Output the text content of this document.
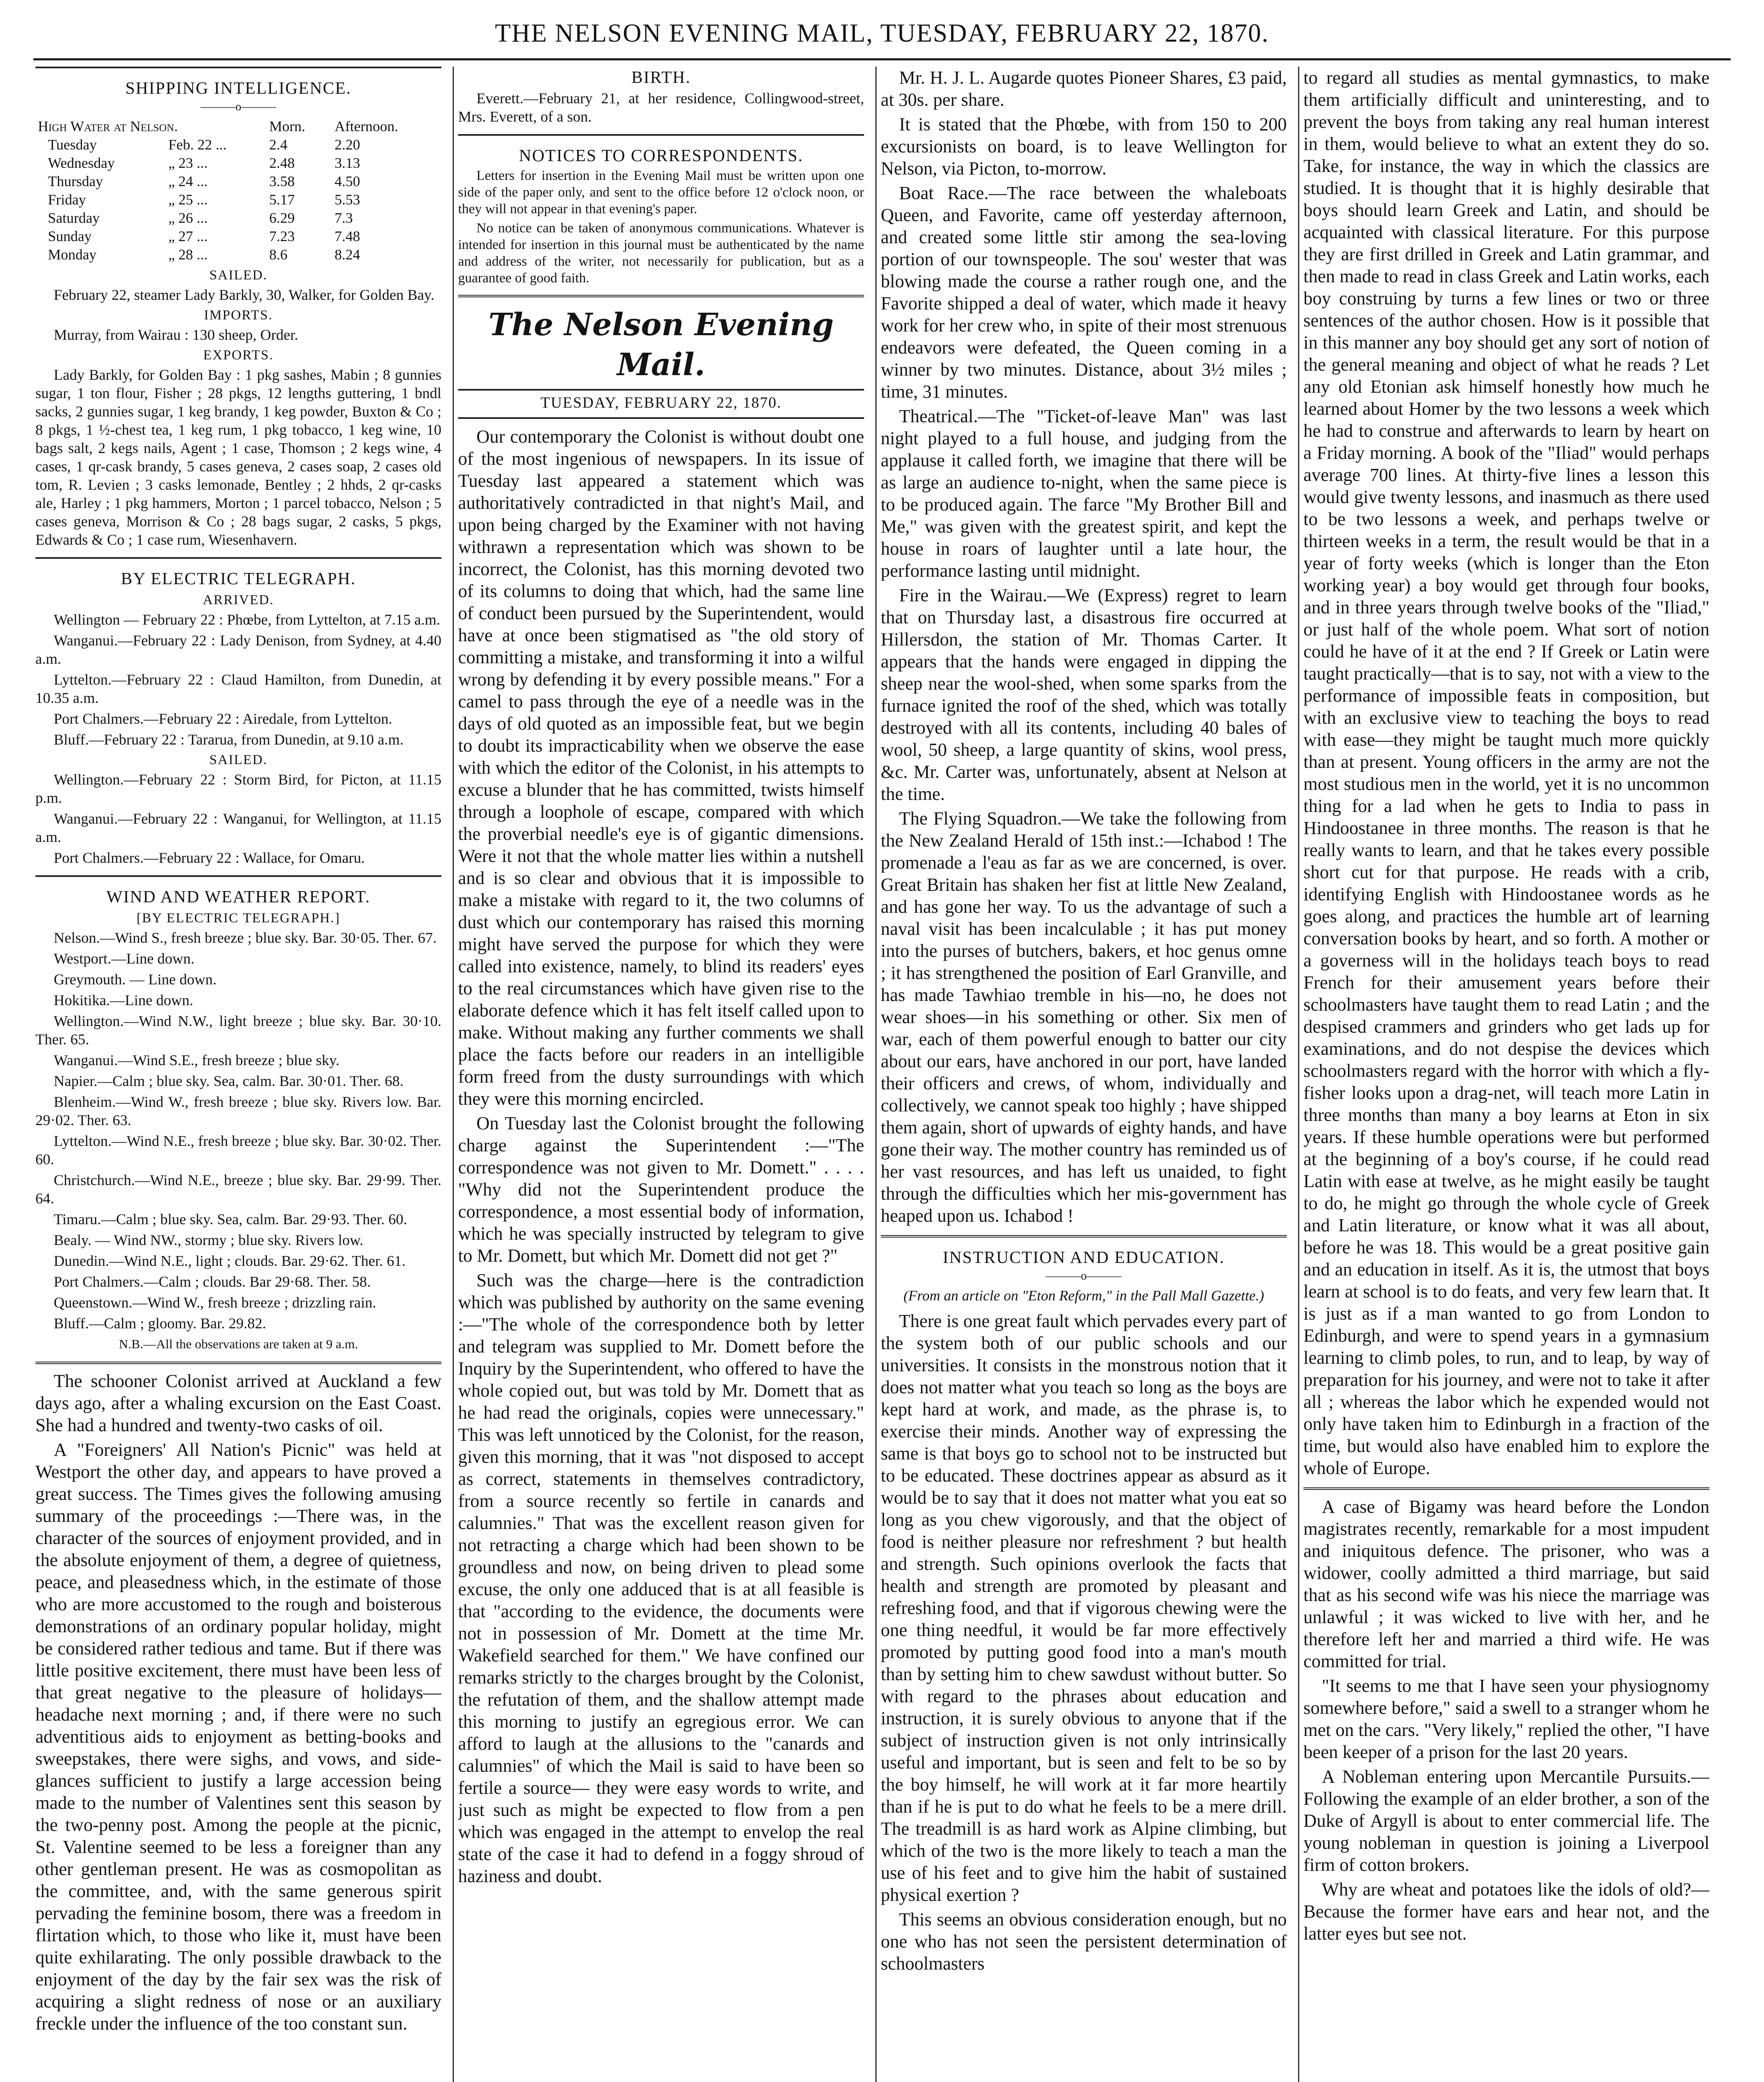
THE NELSON EVENING MAIL, TUESDAY, FEBRUARY 22, 1870.
SHIPPING INTELLIGENCE.
———o———
High Water at Nelson.		Morn.	Afternoon.
Tuesday	Feb. 22 ...	2.4	2.20
Wednesday	„ 23 ...	2.48	3.13
Thursday	„ 24 ...	3.58	4.50
Friday	„ 25 ...	5.17	5.53
Saturday	„ 26 ...	6.29	7.3
Sunday	„ 27 ...	7.23	7.48
Monday	„ 28 ...	8.6	8.24
SAILED.

February 22, steamer Lady Barkly, 30, Walker, for Golden Bay.

IMPORTS.

Murray, from Wairau : 130 sheep, Order.

EXPORTS.

Lady Barkly, for Golden Bay : 1 pkg sashes, Mabin ; 8 gunnies sugar, 1 ton flour, Fisher ; 28 pkgs, 12 lengths guttering, 1 bndl sacks, 2 gunnies sugar, 1 keg brandy, 1 keg powder, Buxton & Co ; 8 pkgs, 1 ½-chest tea, 1 keg rum, 1 pkg tobacco, 1 keg wine, 10 bags salt, 2 kegs nails, Agent ; 1 case, Thomson ; 2 kegs wine, 4 cases, 1 qr-cask brandy, 5 cases geneva, 2 cases soap, 2 cases old tom, R. Levien ; 3 casks lemonade, Bentley ; 2 hhds, 2 qr-casks ale, Harley ; 1 pkg hammers, Morton ; 1 parcel tobacco, Nelson ; 5 cases geneva, Morrison & Co ; 28 bags sugar, 2 casks, 5 pkgs, Edwards & Co ; 1 case rum, Wiesenhavern.

BY ELECTRIC TELEGRAPH.
ARRIVED.

Wellington — February 22 : Phœbe, from Lyttelton, at 7.15 a.m.

Wanganui.—February 22 : Lady Denison, from Sydney, at 4.40 a.m.

Lyttelton.—February 22 : Claud Hamilton, from Dunedin, at 10.35 a.m.

Port Chalmers.—February 22 : Airedale, from Lyttelton.

Bluff.—February 22 : Tararua, from Dunedin, at 9.10 a.m.

SAILED.

Wellington.—February 22 : Storm Bird, for Picton, at 11.15 p.m.

Wanganui.—February 22 : Wanganui, for Wellington, at 11.15 a.m.

Port Chalmers.—February 22 : Wallace, for Omaru.

WIND AND WEATHER REPORT.
[BY ELECTRIC TELEGRAPH.]

Nelson.—Wind S., fresh breeze ; blue sky. Bar. 30·05. Ther. 67.

Westport.—Line down.

Greymouth. — Line down.

Hokitika.—Line down.

Wellington.—Wind N.W., light breeze ; blue sky. Bar. 30·10. Ther. 65.

Wanganui.—Wind S.E., fresh breeze ; blue sky.

Napier.—Calm ; blue sky. Sea, calm. Bar. 30·01. Ther. 68.

Blenheim.—Wind W., fresh breeze ; blue sky. Rivers low. Bar. 29·02. Ther. 63.

Lyttelton.—Wind N.E., fresh breeze ; blue sky. Bar. 30·02. Ther. 60.

Christchurch.—Wind N.E., breeze ; blue sky. Bar. 29·99. Ther. 64.

Timaru.—Calm ; blue sky. Sea, calm. Bar. 29·93. Ther. 60.

Bealy. — Wind NW., stormy ; blue sky. Rivers low.

Dunedin.—Wind N.E., light ; clouds. Bar. 29·62. Ther. 61.

Port Chalmers.—Calm ; clouds. Bar 29·68. Ther. 58.

Queenstown.—Wind W., fresh breeze ; drizzling rain.

Bluff.—Calm ; gloomy. Bar. 29.82.

N.B.—All the observations are taken at 9 a.m.

The schooner Colonist arrived at Auckland a few days ago, after a whaling excursion on the East Coast. She had a hundred and twenty-two casks of oil.

A "Foreigners' All Nation's Picnic" was held at Westport the other day, and appears to have proved a great success. The Times gives the following amusing summary of the proceedings :—There was, in the character of the sources of enjoyment provided, and in the absolute enjoyment of them, a degree of quietness, peace, and pleasedness which, in the estimate of those who are more accustomed to the rough and boisterous demonstrations of an ordinary popular holiday, might be considered rather tedious and tame. But if there was little positive excitement, there must have been less of that great negative to the pleasure of holidays— headache next morning ; and, if there were no such adventitious aids to enjoyment as betting-books and sweepstakes, there were sighs, and vows, and side-glances sufficient to justify a large accession being made to the number of Valentines sent this season by the two-penny post. Among the people at the picnic, St. Valentine seemed to be less a foreigner than any other gentleman present. He was as cosmopolitan as the committee, and, with the same generous spirit pervading the feminine bosom, there was a freedom in flirtation which, to those who like it, must have been quite exhilarating. The only possible drawback to the enjoyment of the day by the fair sex was the risk of acquiring a slight redness of nose or an auxiliary freckle under the influence of the too constant sun.

BIRTH.

Everett.—February 21, at her residence, Collingwood-street, Mrs. Everett, of a son.

NOTICES TO CORRESPONDENTS.

Letters for insertion in the Evening Mail must be written upon one side of the paper only, and sent to the office before 12 o'clock noon, or they will not appear in that evening's paper.

No notice can be taken of anonymous communications. Whatever is intended for insertion in this journal must be authenticated by the name and address of the writer, not necessarily for publication, but as a guarantee of good faith.

The Nelson Evening Mail.
TUESDAY, FEBRUARY 22, 1870.

Our contemporary the Colonist is without doubt one of the most ingenious of newspapers. In its issue of Tuesday last appeared a statement which was authoritatively contradicted in that night's Mail, and upon being charged by the Examiner with not having withrawn a representation which was shown to be incorrect, the Colonist, has this morning devoted two of its columns to doing that which, had the same line of conduct been pursued by the Superintendent, would have at once been stigmatised as "the old story of committing a mistake, and transforming it into a wilful wrong by defending it by every possible means." For a camel to pass through the eye of a needle was in the days of old quoted as an impossible feat, but we begin to doubt its impracticability when we observe the ease with which the editor of the Colonist, in his attempts to excuse a blunder that he has committed, twists himself through a loophole of escape, compared with which the proverbial needle's eye is of gigantic dimensions. Were it not that the whole matter lies within a nutshell and is so clear and obvious that it is impossible to make a mistake with regard to it, the two columns of dust which our contemporary has raised this morning might have served the purpose for which they were called into existence, namely, to blind its readers' eyes to the real circumstances which have given rise to the elaborate defence which it has felt itself called upon to make. Without making any further comments we shall place the facts before our readers in an intelligible form freed from the dusty surroundings with which they were this morning encircled.

On Tuesday last the Colonist brought the following charge against the Superintendent :—"The correspondence was not given to Mr. Domett." . . . . "Why did not the Superintendent produce the correspondence, a most essential body of information, which he was specially instructed by telegram to give to Mr. Domett, but which Mr. Domett did not get ?"

Such was the charge—here is the contradiction which was published by authority on the same evening :—"The whole of the correspondence both by letter and telegram was supplied to Mr. Domett before the Inquiry by the Superintendent, who offered to have the whole copied out, but was told by Mr. Domett that as he had read the originals, copies were unnecessary." This was left unnoticed by the Colonist, for the reason, given this morning, that it was "not disposed to accept as correct, statements in themselves contradictory, from a source recently so fertile in canards and calumnies." That was the excellent reason given for not retracting a charge which had been shown to be groundless and now, on being driven to plead some excuse, the only one adduced that is at all feasible is that "according to the evidence, the documents were not in possession of Mr. Domett at the time Mr. Wakefield searched for them." We have confined our remarks strictly to the charges brought by the Colonist, the refutation of them, and the shallow attempt made this morning to justify an egregious error. We can afford to laugh at the allusions to the "canards and calumnies" of which the Mail is said to have been so fertile a source— they were easy words to write, and just such as might be expected to flow from a pen which was engaged in the attempt to envelop the real state of the case it had to defend in a foggy shroud of haziness and doubt.

Mr. H. J. L. Augarde quotes Pioneer Shares, £3 paid, at 30s. per share.

It is stated that the Phœbe, with from 150 to 200 excursionists on board, is to leave Wellington for Nelson, via Picton, to-morrow.

Boat Race.—The race between the whaleboats Queen, and Favorite, came off yesterday afternoon, and created some little stir among the sea-loving portion of our townspeople. The sou' wester that was blowing made the course a rather rough one, and the Favorite shipped a deal of water, which made it heavy work for her crew who, in spite of their most strenuous endeavors were defeated, the Queen coming in a winner by two minutes. Distance, about 3½ miles ; time, 31 minutes.

Theatrical.—The "Ticket-of-leave Man" was last night played to a full house, and judging from the applause it called forth, we imagine that there will be as large an audience to-night, when the same piece is to be produced again. The farce "My Brother Bill and Me," was given with the greatest spirit, and kept the house in roars of laughter until a late hour, the performance lasting until midnight.

Fire in the Wairau.—We (Express) regret to learn that on Thursday last, a disastrous fire occurred at Hillersdon, the station of Mr. Thomas Carter. It appears that the hands were engaged in dipping the sheep near the wool-shed, when some sparks from the furnace ignited the roof of the shed, which was totally destroyed with all its contents, including 40 bales of wool, 50 sheep, a large quantity of skins, wool press, &c. Mr. Carter was, unfortunately, absent at Nelson at the time.

The Flying Squadron.—We take the following from the New Zealand Herald of 15th inst.:—Ichabod ! The promenade a l'eau as far as we are concerned, is over. Great Britain has shaken her fist at little New Zealand, and has gone her way. To us the advantage of such a naval visit has been incalculable ; it has put money into the purses of butchers, bakers, et hoc genus omne ; it has strengthened the position of Earl Granville, and has made Tawhiao tremble in his—no, he does not wear shoes—in his something or other. Six men of war, each of them powerful enough to batter our city about our ears, have anchored in our port, have landed their officers and crews, of whom, individually and collectively, we cannot speak too highly ; have shipped them again, short of upwards of eighty hands, and have gone their way. The mother country has reminded us of her vast resources, and has left us unaided, to fight through the difficulties which her mis-government has heaped upon us. Ichabod !

INSTRUCTION AND EDUCATION.
———o———
(From an article on "Eton Reform," in the Pall Mall Gazette.)

There is one great fault which pervades every part of the system both of our public schools and our universities. It consists in the monstrous notion that it does not matter what you teach so long as the boys are kept hard at work, and made, as the phrase is, to exercise their minds. Another way of expressing the same is that boys go to school not to be instructed but to be educated. These doctrines appear as absurd as it would be to say that it does not matter what you eat so long as you chew vigorously, and that the object of food is neither pleasure nor refreshment ? but health and strength. Such opinions overlook the facts that health and strength are promoted by pleasant and refreshing food, and that if vigorous chewing were the one thing needful, it would be far more effectively promoted by putting good food into a man's mouth than by setting him to chew sawdust without butter. So with regard to the phrases about education and instruction, it is surely obvious to anyone that if the subject of instruction given is not only intrinsically useful and important, but is seen and felt to be so by the boy himself, he will work at it far more heartily than if he is put to do what he feels to be a mere drill. The treadmill is as hard work as Alpine climbing, but which of the two is the more likely to teach a man the use of his feet and to give him the habit of sustained physical exertion ?

This seems an obvious consideration enough, but no one who has not seen the persistent determination of schoolmasters

to regard all studies as mental gymnastics, to make them artificially difficult and uninteresting, and to prevent the boys from taking any real human interest in them, would believe to what an extent they do so. Take, for instance, the way in which the classics are studied. It is thought that it is highly desirable that boys should learn Greek and Latin, and should be acquainted with classical literature. For this purpose they are first drilled in Greek and Latin grammar, and then made to read in class Greek and Latin works, each boy construing by turns a few lines or two or three sentences of the author chosen. How is it possible that in this manner any boy should get any sort of notion of the general meaning and object of what he reads ? Let any old Etonian ask himself honestly how much he learned about Homer by the two lessons a week which he had to construe and afterwards to learn by heart on a Friday morning. A book of the "Iliad" would perhaps average 700 lines. At thirty-five lines a lesson this would give twenty lessons, and inasmuch as there used to be two lessons a week, and perhaps twelve or thirteen weeks in a term, the result would be that in a year of forty weeks (which is longer than the Eton working year) a boy would get through four books, and in three years through twelve books of the "Iliad," or just half of the whole poem. What sort of notion could he have of it at the end ? If Greek or Latin were taught practically—that is to say, not with a view to the performance of impossible feats in composition, but with an exclusive view to teaching the boys to read with ease—they might be taught much more quickly than at present. Young officers in the army are not the most studious men in the world, yet it is no uncommon thing for a lad when he gets to India to pass in Hindoostanee in three months. The reason is that he really wants to learn, and that he takes every possible short cut for that purpose. He reads with a crib, identifying English with Hindoostanee words as he goes along, and practices the humble art of learning conversation books by heart, and so forth. A mother or a governess will in the holidays teach boys to read French for their amusement years before their schoolmasters have taught them to read Latin ; and the despised crammers and grinders who get lads up for examinations, and do not despise the devices which schoolmasters regard with the horror with which a fly-fisher looks upon a drag-net, will teach more Latin in three months than many a boy learns at Eton in six years. If these humble operations were but performed at the beginning of a boy's course, if he could read Latin with ease at twelve, as he might easily be taught to do, he might go through the whole cycle of Greek and Latin literature, or know what it was all about, before he was 18. This would be a great positive gain and an education in itself. As it is, the utmost that boys learn at school is to do feats, and very few learn that. It is just as if a man wanted to go from London to Edinburgh, and were to spend years in a gymnasium learning to climb poles, to run, and to leap, by way of preparation for his journey, and were not to take it after all ; whereas the labor which he expended would not only have taken him to Edinburgh in a fraction of the time, but would also have enabled him to explore the whole of Europe.

A case of Bigamy was heard before the London magistrates recently, remarkable for a most impudent and iniquitous defence. The prisoner, who was a widower, coolly admitted a third marriage, but said that as his second wife was his niece the marriage was unlawful ; it was wicked to live with her, and he therefore left her and married a third wife. He was committed for trial.

"It seems to me that I have seen your physiognomy somewhere before," said a swell to a stranger whom he met on the cars. "Very likely," replied the other, "I have been keeper of a prison for the last 20 years.

A Nobleman entering upon Mercantile Pursuits.—Following the example of an elder brother, a son of the Duke of Argyll is about to enter commercial life. The young nobleman in question is joining a Liverpool firm of cotton brokers.

Why are wheat and potatoes like the idols of old?—Because the former have ears and hear not, and the latter eyes but see not.
